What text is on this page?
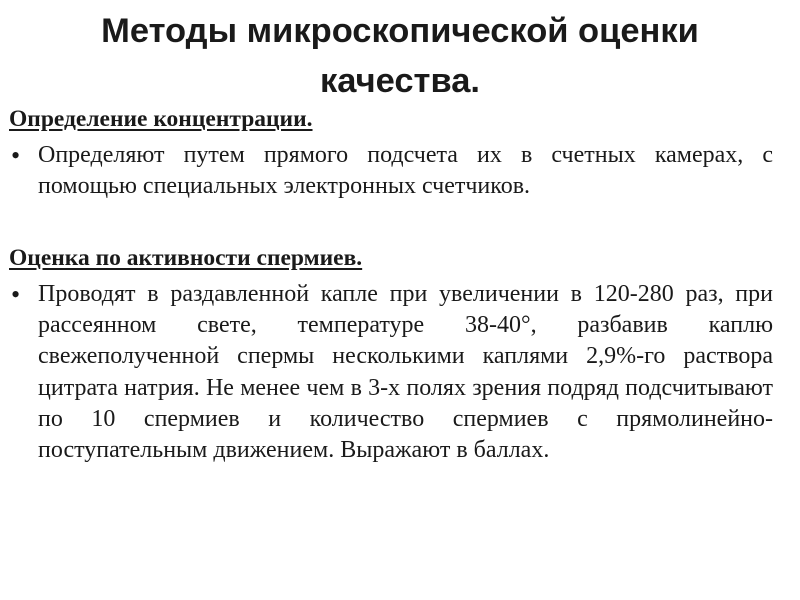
Методы микроскопической оценки качества.
Определение концентрации.
• Определяют путем прямого подсчета их в счетных камерах, с помощью специальных электронных счетчиков.

Оценка по активности спермиев.
• Проводят в раздавленной капле при увеличении в 120-280 раз, при рассеянном свете, температуре 38-40°, разбавив каплю свежеполученной спермы несколькими каплями 2,9%-го раствора цитрата натрия. Не менее чем в 3-х полях зрения подряд подсчитывают по 10 спермиев и количество спермиев с прямолинейно-поступательным движением. Выражают в баллах.
